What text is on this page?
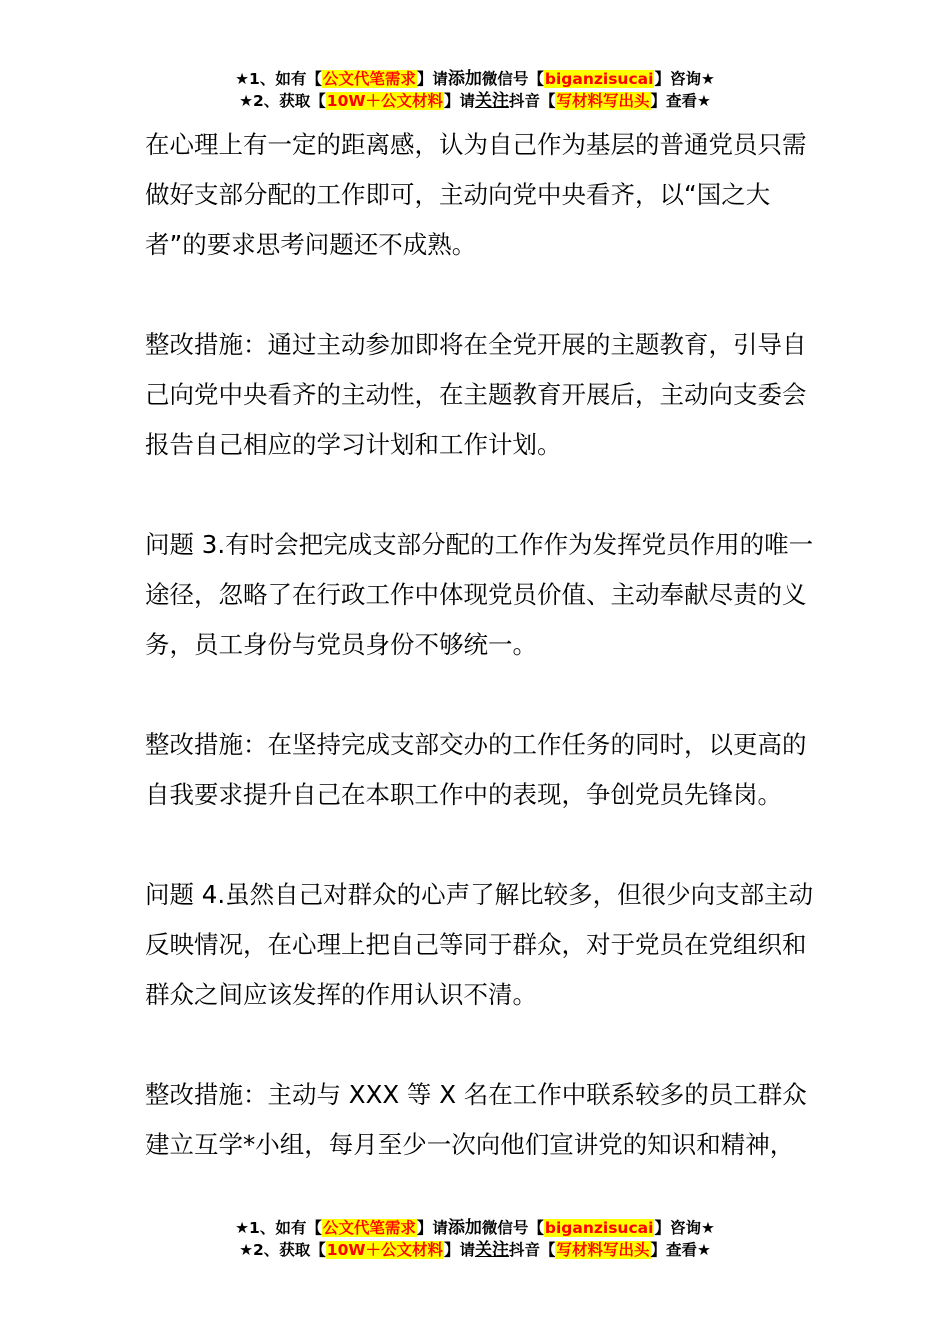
★1、如有【公文代笔需求】请添加微信号【biganzisucai】咨询★
★2、获取【10W＋公文材料】请关注抖音【写材料写出头】查看★

在心理上有一定的距离感，认为自己作为基层的普通党员只需做好支部分配的工作即可，主动向党中央看齐，以“国之大者”的要求思考问题还不成熟。

整改措施：通过主动参加即将在全党开展的主题教育，引导自己向党中央看齐的主动性，在主题教育开展后，主动向支委会报告自己相应的学习计划和工作计划。

问题 3.有时会把完成支部分配的工作作为发挥党员作用的唯一途径，忽略了在行政工作中体现党员价值、主动奉献尽责的义务，员工身份与党员身份不够统一。

整改措施：在坚持完成支部交办的工作任务的同时，以更高的自我要求提升自己在本职工作中的表现，争创党员先锋岗。

问题 4.虽然自己对群众的心声了解比较多，但很少向支部主动反映情况，在心理上把自己等同于群众，对于党员在党组织和群众之间应该发挥的作用认识不清。

整改措施：主动与 XXX 等 X 名在工作中联系较多的员工群众建立互学*小组，每月至少一次向他们宣讲党的知识和精神，

★1、如有【公文代笔需求】请添加微信号【biganzisucai】咨询★
★2、获取【10W＋公文材料】请关注抖音【写材料写出头】查看★
